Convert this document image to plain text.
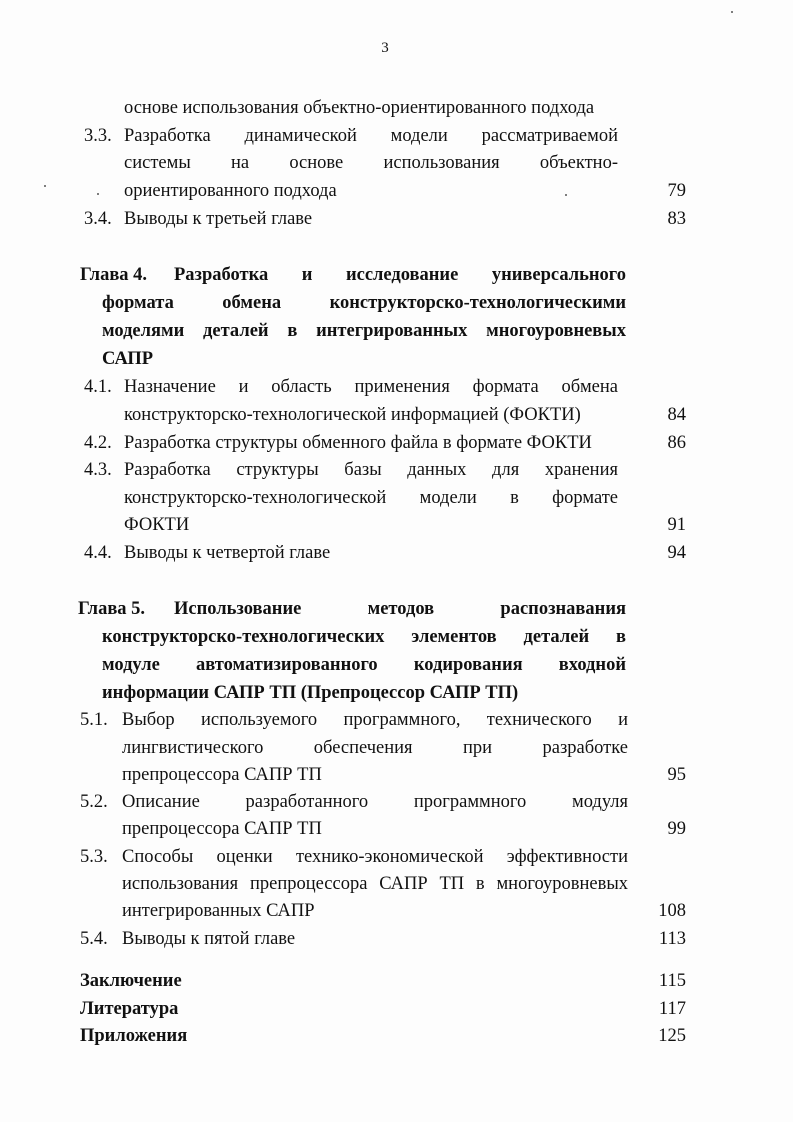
3
основе использования объектно-ориентированного подхода
3.3. Разработка динамической модели рассматриваемой
системы на основе использования объектно-
ориентированного подхода	79
3.4. Выводы к третьей главе	83
Глава 4. Разработка и исследование универсального
формата обмена конструкторско-технологическими
моделями деталей в интегрированных многоуровневых
САПР
4.1. Назначение и область применения формата обмена
конструкторско-технологической информацией (ФОКТИ)	84
4.2. Разработка структуры обменного файла в формате ФОКТИ	86
4.3. Разработка структуры базы данных для хранения
конструкторско-технологической модели в формате
ФОКТИ	91
4.4. Выводы к четвертой главе	94
Глава 5. Использование методов распознавания
конструкторско-технологических элементов деталей в
модуле автоматизированного кодирования входной
информации САПР ТП (Препроцессор САПР ТП)
5.1. Выбор используемого программного, технического и
лингвистического обеспечения при разработке
препроцессора САПР ТП	95
5.2. Описание разработанного программного модуля
препроцессора САПР ТП	99
5.3. Способы оценки технико-экономической эффективности
использования препроцессора САПР ТП в многоуровневых
интегрированных САПР	108
5.4. Выводы к пятой главе	113
Заключение	115
Литература	117
Приложения	125
